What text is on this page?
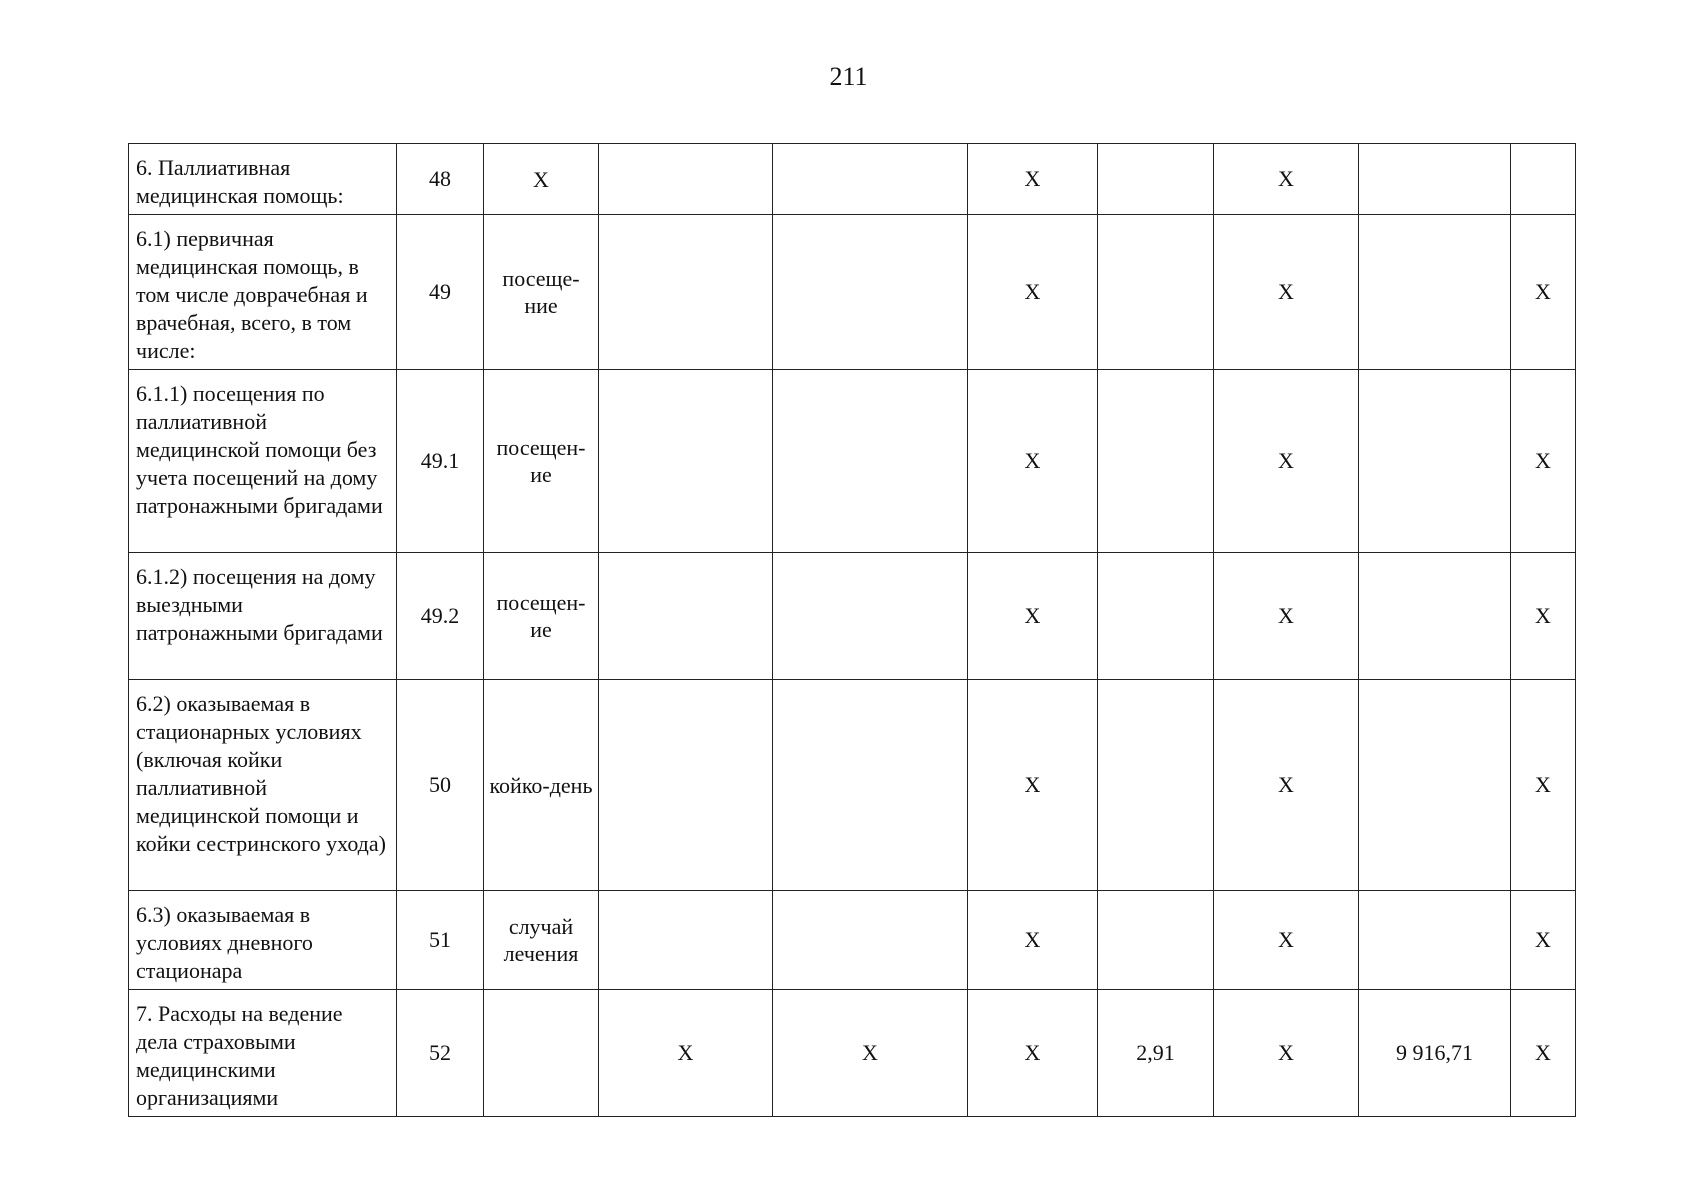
211
6. Паллиативная медицинская помощь:	48	X			X		X		
6.1) первичная медицинская помощь, в том числе доврачебная и врачебная, всего, в том числе:	49	посеще-ние			X		X		X
6.1.1) посещения по паллиативной медицинской помощи без учета посещений на дому патронажными бригадами	49.1	посещен-ие			X		X		X
6.1.2) посещения на дому выездными патронажными бригадами	49.2	посещен-ие			X		X		X
6.2) оказываемая в стационарных условиях (включая койки паллиативной медицинской помощи и койки сестринского ухода)	50	койко-день			X		X		X
6.3) оказываемая в условиях дневного стационара	51	случай лечения			X		X		X
7. Расходы на ведение дела страховыми медицинскими организациями	52		X	X	X	2,91	X	9 916,71	X
